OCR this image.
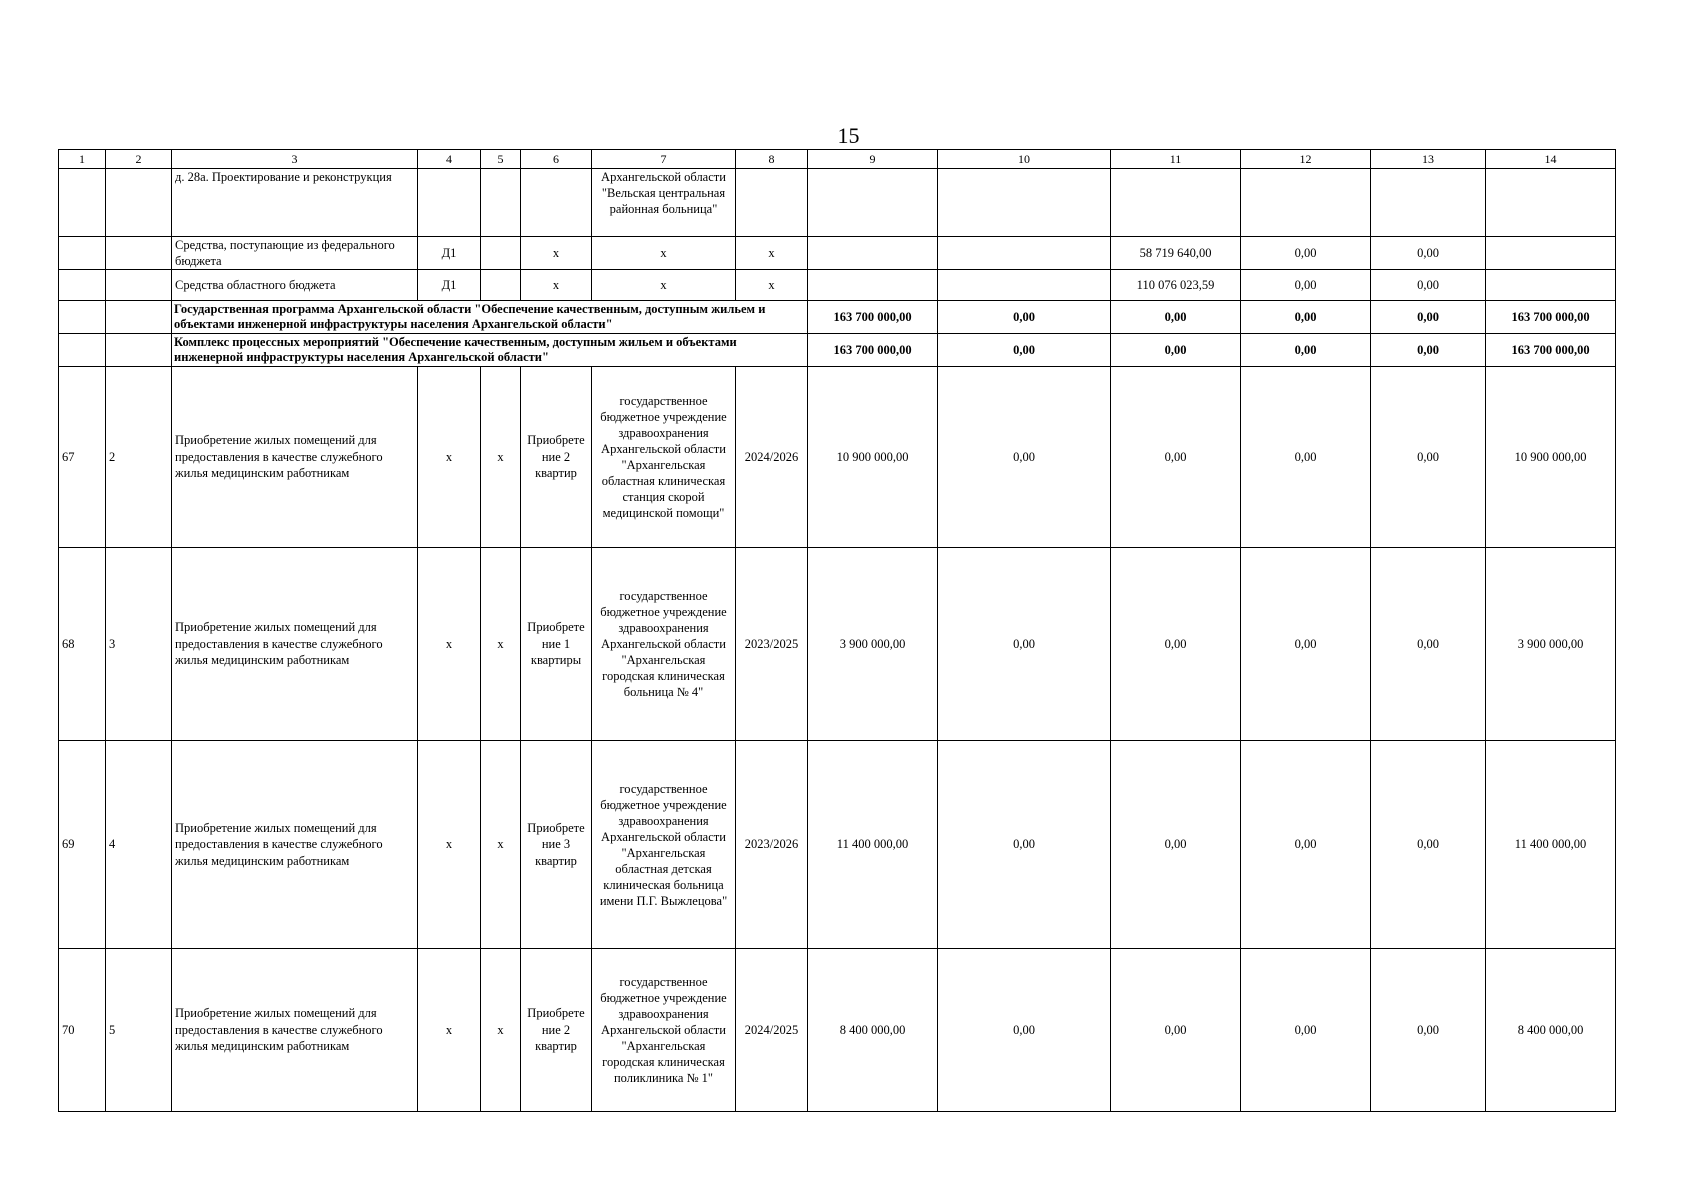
15
1	2	3	4	5	6	7	8	9	10	11	12	13	14
		д. 28а. Проектирование и реконструкция				Архангельской области "Вельская центральная районная больница"							
		Средства, поступающие из федерального бюджета	Д1		х	х	х			58 719 640,00	0,00	0,00	
		Средства областного бюджета	Д1		х	х	х			110 076 023,59	0,00	0,00	
		Государственная программа Архангельской области "Обеспечение качественным, доступным жильем и объектами инженерной инфраструктуры населения Архангельской области"						163 700 000,00	0,00	0,00	0,00	0,00	163 700 000,00
		Комплекс процессных мероприятий "Обеспечение качественным, доступным жильем и объектами инженерной инфраструктуры населения Архангельской области"						163 700 000,00	0,00	0,00	0,00	0,00	163 700 000,00
67	2	Приобретение жилых помещений для предоставления в качестве служебного жилья медицинским работникам	х	х	Приобретение 2 квартир	государственное бюджетное учреждение здравоохранения Архангельской области "Архангельская областная клиническая станция скорой медицинской помощи"	2024/2026	10 900 000,00	0,00	0,00	0,00	0,00	10 900 000,00
68	3	Приобретение жилых помещений для предоставления в качестве служебного жилья медицинским работникам	х	х	Приобретение 1 квартиры	государственное бюджетное учреждение здравоохранения Архангельской области "Архангельская городская клиническая больница № 4"	2023/2025	3 900 000,00	0,00	0,00	0,00	0,00	3 900 000,00
69	4	Приобретение жилых помещений для предоставления в качестве служебного жилья медицинским работникам	х	х	Приобретение 3 квартир	государственное бюджетное учреждение здравоохранения Архангельской области "Архангельская областная детская клиническая больница имени П.Г. Выжлецова"	2023/2026	11 400 000,00	0,00	0,00	0,00	0,00	11 400 000,00
70	5	Приобретение жилых помещений для предоставления в качестве служебного жилья медицинским работникам	х	х	Приобретение 2 квартир	государственное бюджетное учреждение здравоохранения Архангельской области "Архангельская городская клиническая поликлиника № 1"	2024/2025	8 400 000,00	0,00	0,00	0,00	0,00	8 400 000,00
